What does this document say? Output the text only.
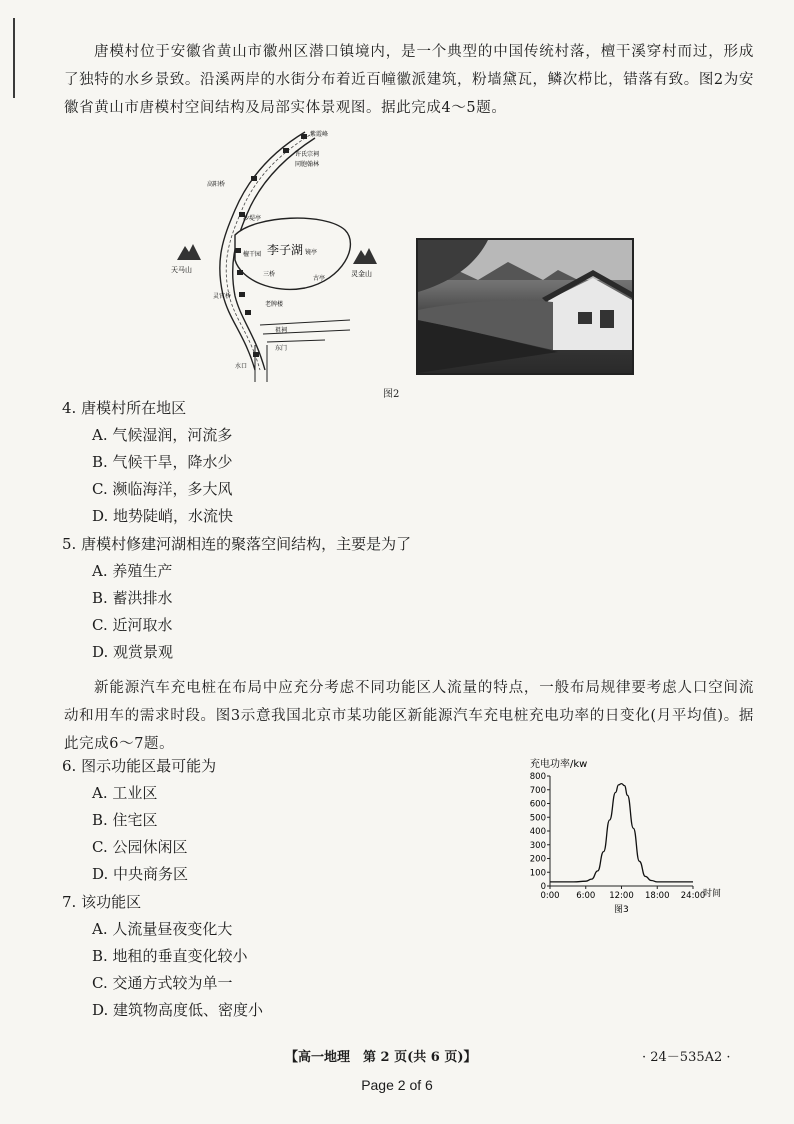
唐模村位于安徽省黄山市徽州区潜口镇境内，是一个典型的中国传统村落，檀干溪穿村而过，形成了独特的水乡景致。沿溪两岸的水街分布着近百幢徽派建筑，粉墙黛瓦，鳞次栉比，错落有致。图2为安徽省黄山市唐模村空间结构及局部实体景观图。据此完成4～5题。
李子湖
天马山	灵金山
紫霞峰
高阳桥
许氏宗祠
同胞翰林
沙堤亭
檀干园
灵官桥
镜亭
古亭
三桥
老牌楼
祖祠
东门
水口
图2
4. 唐模村所在地区
A. 气候湿润，河流多
B. 气候干旱，降水少
C. 濒临海洋，多大风
D. 地势陡峭，水流快
5. 唐模村修建河湖相连的聚落空间结构，主要是为了
A. 养殖生产
B. 蓄洪排水
C. 近河取水
D. 观赏景观
新能源汽车充电桩在布局中应充分考虑不同功能区人流量的特点，一般布局规律要考虑人口空间流动和用车的需求时段。图3示意我国北京市某功能区新能源汽车充电桩充电功率的日变化(月平均值)。据此完成6～7题。
6. 图示功能区最可能为
A. 工业区
B. 住宅区
C. 公园休闲区
D. 中央商务区
7. 该功能区
A. 人流量昼夜变化大
B. 地租的垂直变化较小
C. 交通方式较为单一
D. 建筑物高度低、密度小
充电功率/kw
0
100
200
300
400
500
600
700
800
0:00 6:00 12:00 18:00 24:00
时间
图3
【高一地理　第 2 页(共 6 页)】	· 24－535A2 ·
Page 2 of 6
